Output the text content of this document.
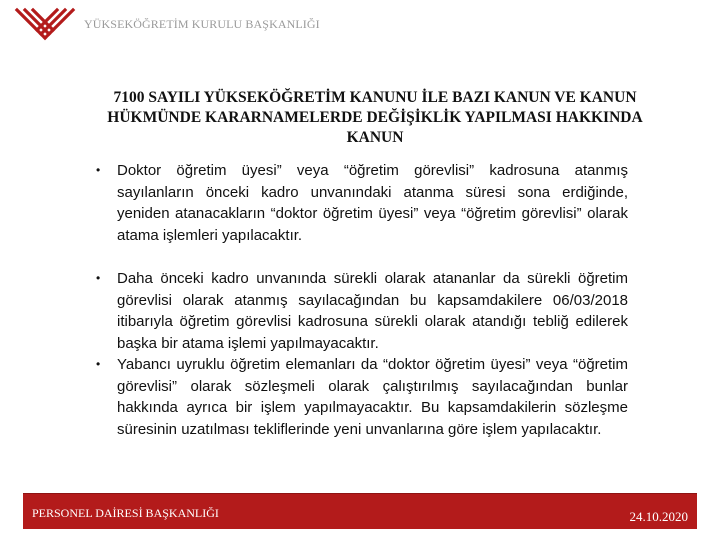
YÜKSEKÖĞRETİM KURULU BAŞKANLIĞI
7100 SAYILI YÜKSEKÖĞRETİM KANUNU İLE BAZI KANUN VE KANUN HÜKMÜNDE KARARNAMELERDE DEĞİŞİKLİK YAPILMASI HAKKINDA KANUN
• Doktor öğretim üyesi” veya “öğretim görevlisi” kadrosuna atanmış sayılanların önceki kadro unvanındaki atanma süresi sona erdiğinde, yeniden atanacakların “doktor öğretim üyesi” veya “öğretim görevlisi” olarak atama işlemleri yapılacaktır.
• Daha önceki kadro unvanında sürekli olarak atananlar da sürekli öğretim görevlisi olarak atanmış sayılacağından bu kapsamdakilere 06/03/2018 itibarıyla öğretim görevlisi kadrosuna sürekli olarak atandığı tebliğ edilerek başka bir atama işlemi yapılmayacaktır.
• Yabancı uyruklu öğretim elemanları da “doktor öğretim üyesi” veya “öğretim görevlisi” olarak sözleşmeli olarak çalıştırılmış sayılacağından bunlar hakkında ayrıca bir işlem yapılmayacaktır. Bu kapsamdakilerin sözleşme süresinin uzatılması tekliflerinde yeni unvanlarına göre işlem yapılacaktır.
PERSONEL DAİRESİ BAŞKANLIĞI	24.10.2020
